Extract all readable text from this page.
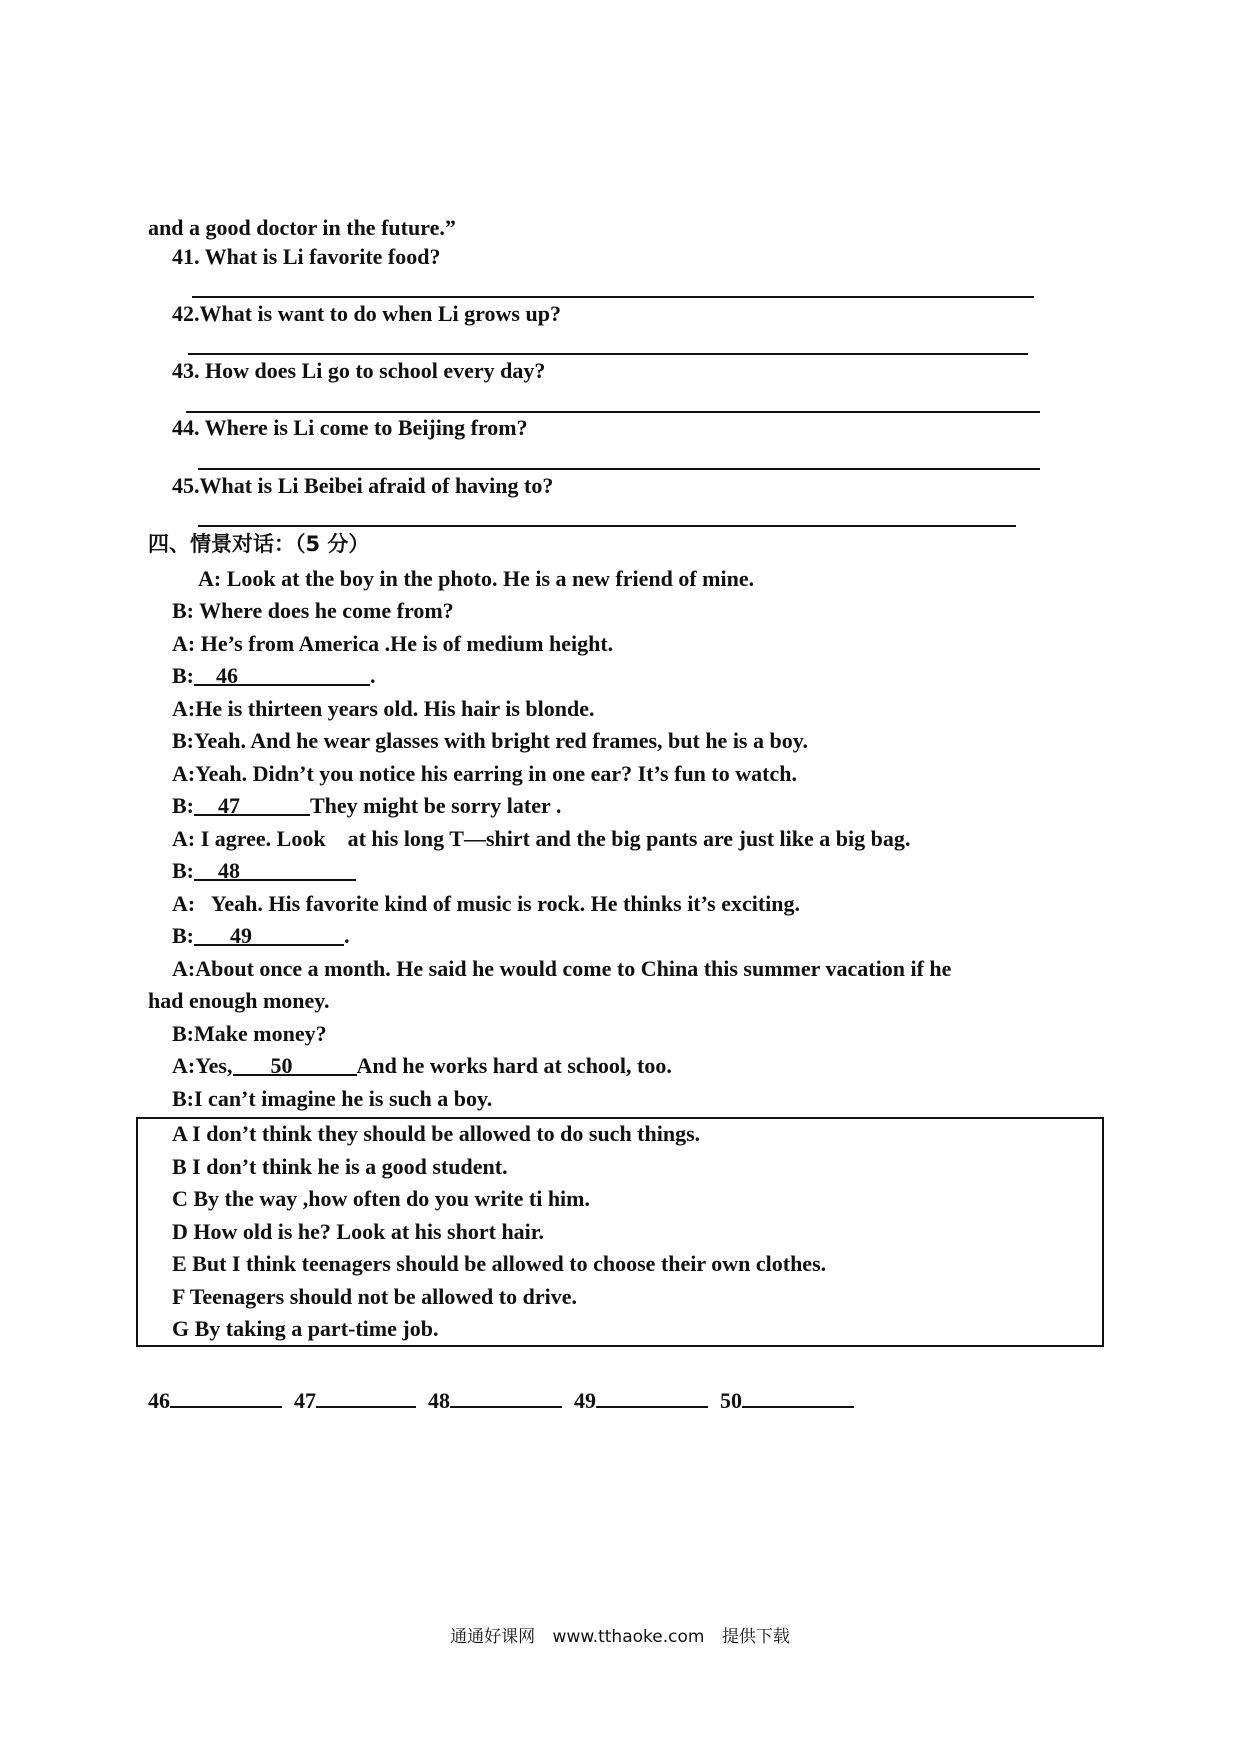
and a good doctor in the future.”
41. What is Li favorite food?
42.What is want to do when Li grows up?
43. How does Li go to school every day?
44. Where is Li come to Beijing from?
45.What is Li Beibei afraid of having to?
四、情景对话：（5 分）
A: Look at the boy in the photo. He is a new friend of mine.
B: Where does he come from?
A: He’s from America .He is of medium height.
B: 46	.
A:He is thirteen years old. His hair is blonde.
B:Yeah. And he wear glasses with bright red frames, but he is a boy.
A:Yeah. Didn’t you notice his earring in one ear? It’s fun to watch.
B: 47	They might be sorry later .
A: I agree. Look    at his long T—shirt and the big pants are just like a big bag.
B: 48
A:   Yeah. His favorite kind of music is rock. He thinks it’s exciting.
B: 49	.
A:About once a month. He said he would come to China this summer vacation if he
had enough money.
B:Make money?
A:Yes, 50	And he works hard at school, too.
B:I can’t imagine he is such a boy.
A I don’t think they should be allowed to do such things.
B I don’t think he is a good student.
C By the way ,how often do you write ti him.
D How old is he? Look at his short hair.
E But I think teenagers should be allowed to choose their own clothes.
F Teenagers should not be allowed to drive.
G By taking a part-time job.
46	47	48	49	50
通通好课网 www.tthaoke.com 提供下载
